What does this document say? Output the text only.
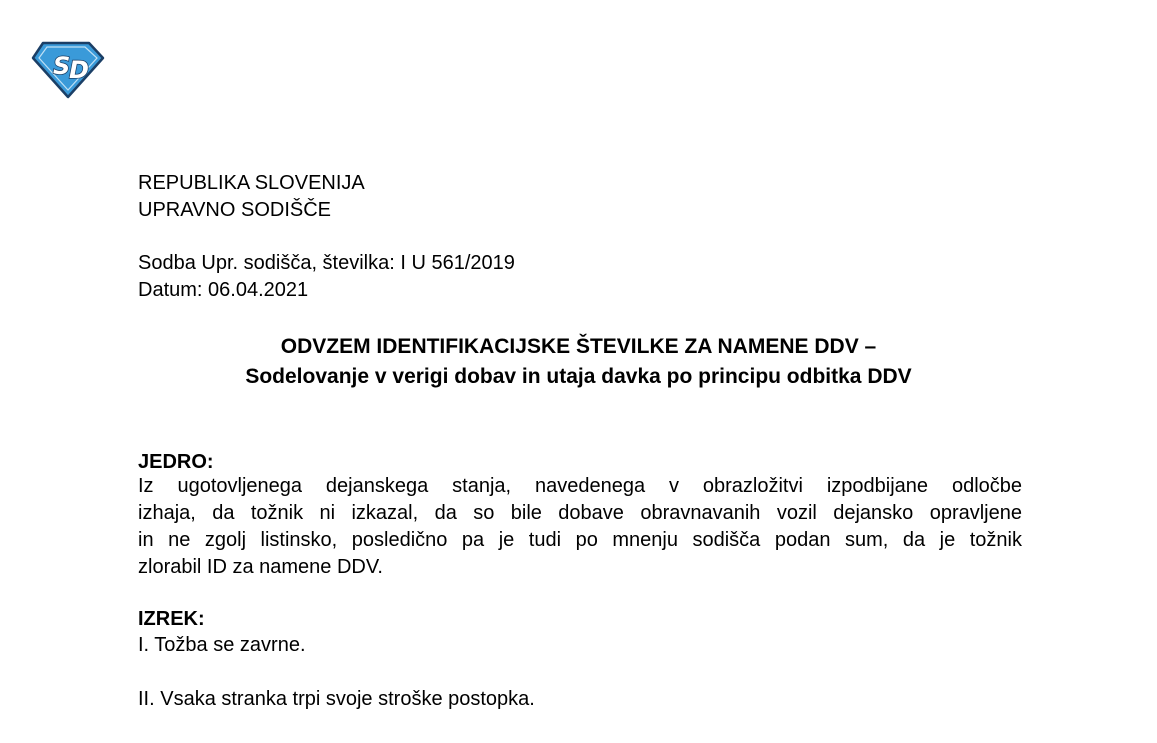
S
D
REPUBLIKA SLOVENIJA
UPRAVNO SODIŠČE
Sodba Upr. sodišča, številka: I U 561/2019
Datum: 06.04.2021
ODVZEM IDENTIFIKACIJSKE ŠTEVILKE ZA NAMENE DDV –
Sodelovanje v verigi dobav in utaja davka po principu odbitka DDV
JEDRO:
Iz ugotovljenega dejanskega stanja, navedenega v obrazložitvi izpodbijane odločbe
izhaja, da tožnik ni izkazal, da so bile dobave obravnavanih vozil dejansko opravljene
in ne zgolj listinsko, posledično pa je tudi po mnenju sodišča podan sum, da je tožnik
zlorabil ID za namene DDV.
IZREK:
I. Tožba se zavrne.
II. Vsaka stranka trpi svoje stroške postopka.
